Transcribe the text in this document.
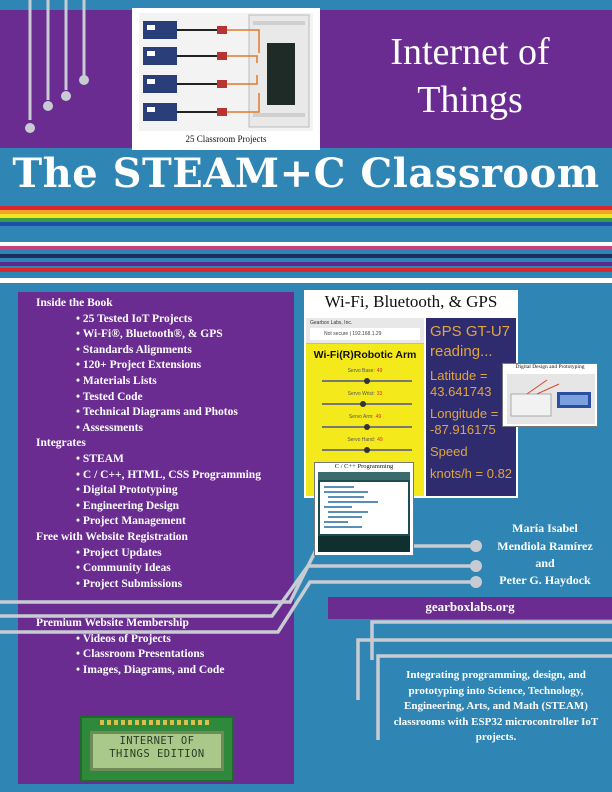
25 Classroom Projects
Internet of
Things
The STEAM+C Classroom
Inside the Book
• 25 Tested IoT Projects
• Wi-Fi®, Bluetooth®, & GPS
• Standards Alignments
• 120+ Project Extensions
• Materials Lists
• Tested Code
• Technical Diagrams and Photos
• Assessments
Integrates
• STEAM
• C / C++, HTML, CSS Programming
• Digital Prototyping
• Engineering Design
• Project Management
Free with Website Registration
• Project Updates
• Community Ideas
• Project Submissions
Premium Website Membership
• Videos of Projects
• Classroom Presentations
• Images, Diagrams, and Code
Wi-Fi, Bluetooth, & GPS
Gearbox Labs, Inc.
Not secure | 192.168.1.29
Wi-Fi(R)Robotic Arm
Servo Base: 49
Servo Wrist: 33
Servo Arm: 49
Servo Hand: 49
GPS GT-U7
reading...
Latitude =
43.641743
Longitude =
-87.916175
Speed
knots/h = 0.82
C / C++ Programming
Digital Design and Prototyping
María Isabel
Mendiola Ramírez
and
Peter G. Haydock
gearboxlabs.org
Integrating programming, design, and prototyping into Science, Technology, Engineering, Arts, and Math (STEAM) classrooms with ESP32 microcontroller IoT projects.
INTERNET OF
THINGS EDITION
